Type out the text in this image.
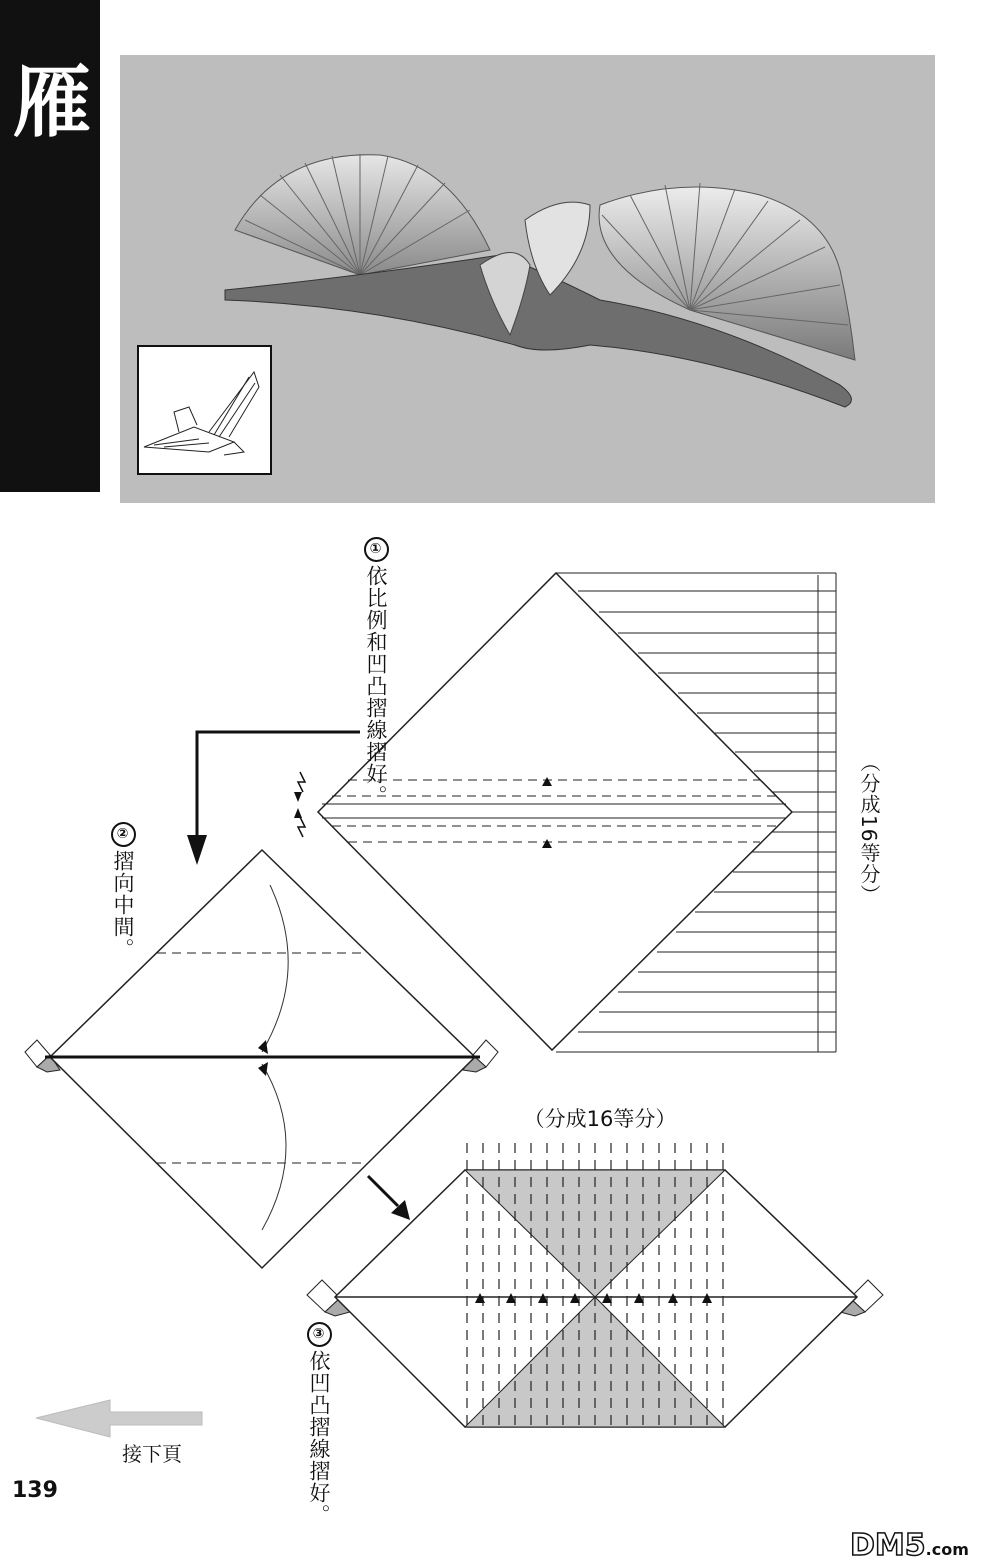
雁
①依比例和凹凸摺線摺好。
②摺向中間。
③依凹凸摺線摺好。
（分成16等分）
（分成16等分）
接下頁
139
DM5.com
